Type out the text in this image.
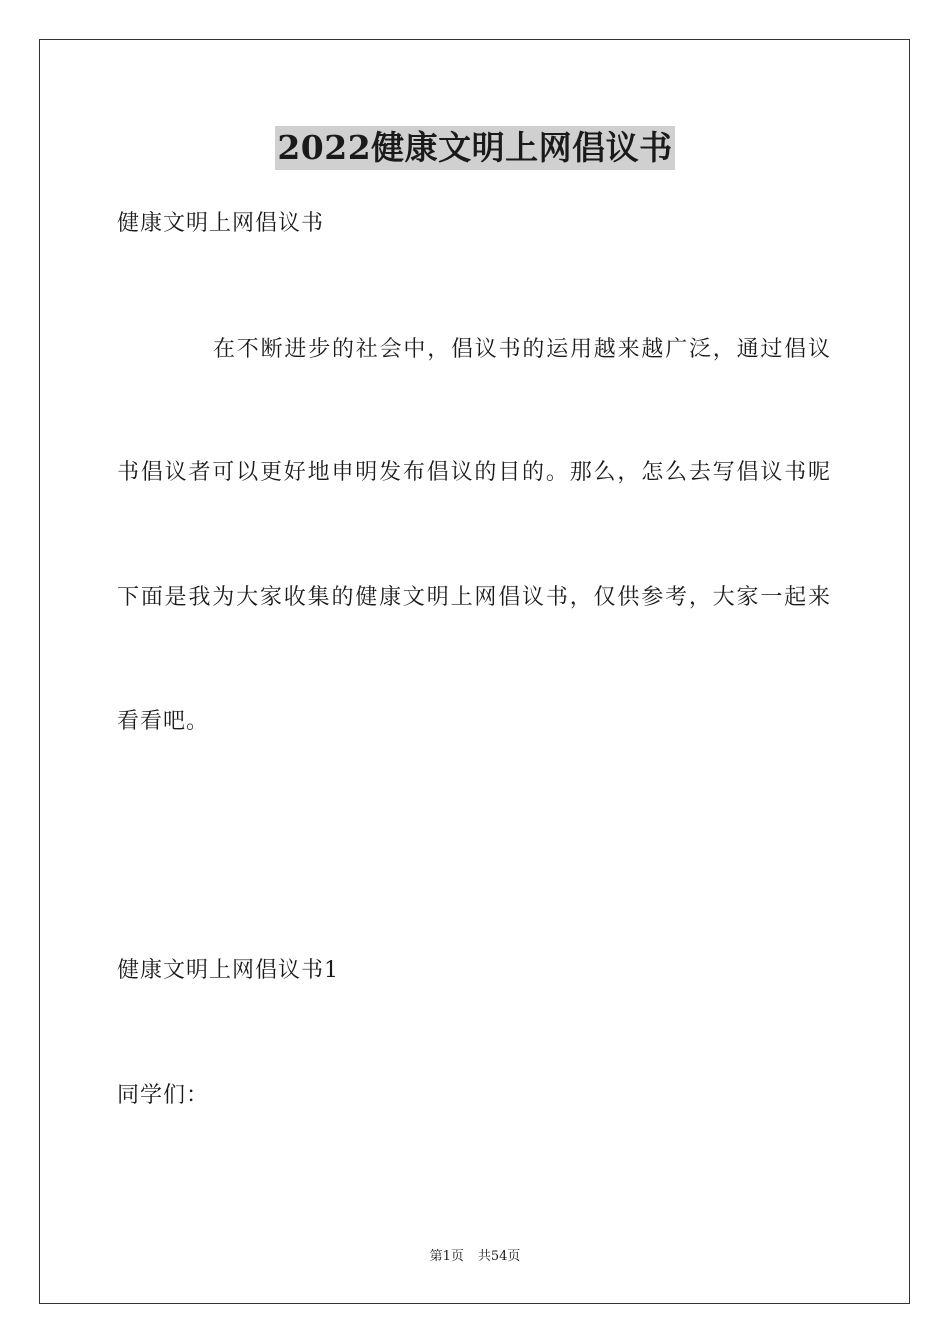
2022健康文明上网倡议书
健康文明上网倡议书
在不断进步的社会中，倡议书的运用越来越广泛，通过倡议
书倡议者可以更好地申明发布倡议的目的。那么，怎么去写倡议书呢
下面是我为大家收集的健康文明上网倡议书，仅供参考，大家一起来
看看吧。
健康文明上网倡议书1
同学们：
第1页 共54页
